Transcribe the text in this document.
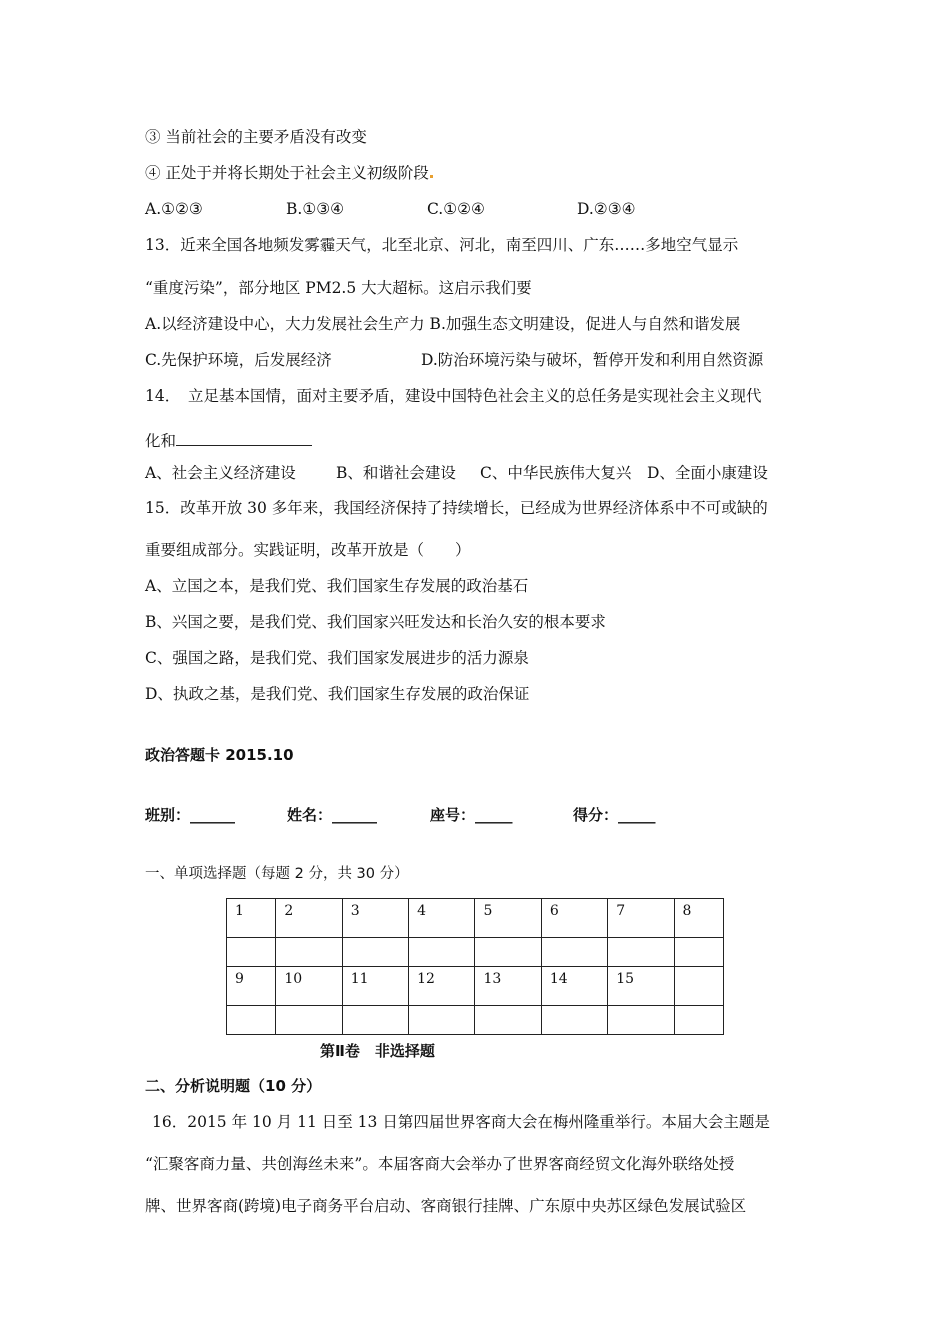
③ 当前社会的主要矛盾没有改变
④ 正处于并将长期处于社会主义初级阶段
A.①②③	B.①③④	C.①②④	D.②③④
13．近来全国各地频发雾霾天气，北至北京、河北，南至四川、广东……多地空气显示
“重度污染”，部分地区 PM2.5 大大超标。这启示我们要
A.以经济建设中心，大力发展社会生产力 B.加强生态文明建设，促进人与自然和谐发展
C.先保护环境，后发展经济	D.防治环境污染与破坏，暂停开发和利用自然资源
14．　立足基本国情，面对主要矛盾，建设中国特色社会主义的总任务是实现社会主义现代
化和
A、社会主义经济建设	B、和谐社会建设 C、中华民族伟大复兴 D、全面小康建设
15．改革开放 30 多年来，我国经济保持了持续增长，已经成为世界经济体系中不可或缺的
重要组成部分。实践证明，改革开放是（　　）
A、立国之本，是我们党、我们国家生存发展的政治基石
B、兴国之要，是我们党、我们国家兴旺发达和长治久安的根本要求
C、强国之路，是我们党、我们国家发展进步的活力源泉
D、执政之基，是我们党、我们国家生存发展的政治保证
政治答题卡 2015.10
班别：______	姓名：______	座号：_____	得分：_____
一、单项选择题（每题 2 分，共 30 分）
1	2	3	4	5	6	7	8

9	10	11	12	13	14	15	

第Ⅱ卷　非选择题
二、分析说明题（10 分）
16．2015 年 10 月 11 日至 13 日第四届世界客商大会在梅州隆重举行。本届大会主题是
“汇聚客商力量、共创海丝未来”。本届客商大会举办了世界客商经贸文化海外联络处授
牌、世界客商(跨境)电子商务平台启动、客商银行挂牌、广东原中央苏区绿色发展试验区
